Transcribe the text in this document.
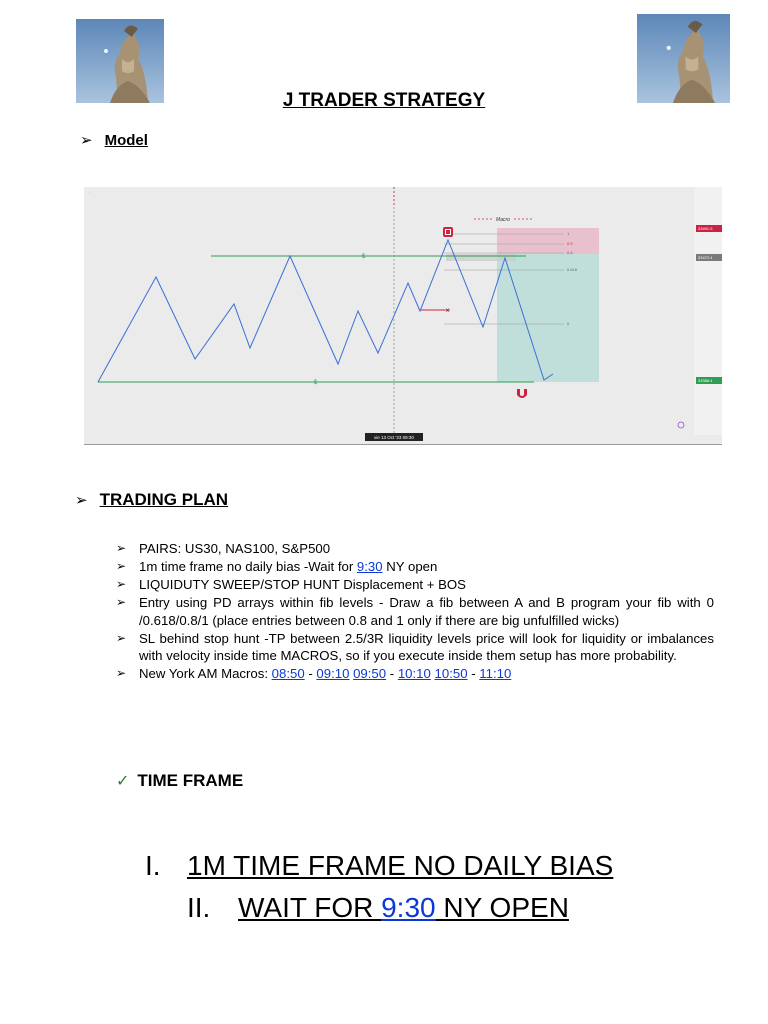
J TRADER STRATEGY
➢ Model
...
Macro
$
$
x
1
0.9
0.8
0.618
0
33491.5
33472.4
33388.4
vie 13 Oct '23 09:30
➢ TRADING PLAN
➢ PAIRS: US30, NAS100, S&P500
➢ 1m time frame no daily bias -Wait for 9:30 NY open
➢ LIQUIDUTY SWEEP/STOP HUNT Displacement + BOS
➢ Entry using PD arrays within fib levels - Draw a fib between A and B program your fib with 0 /0.618/0.8/1 (place entries between 0.8 and 1 only if there are big unfulfilled wicks)
➢ SL behind stop hunt -TP between 2.5/3R liquidity levels price will look for liquidity or imbalances with velocity inside time MACROS, so if you execute inside them setup has more probability.
➢ New York AM Macros: 08:50 - 09:10 09:50 - 10:10 10:50 - 11:10
✓ TIME FRAME
I. 1M TIME FRAME NO DAILY BIAS
II. WAIT FOR 9:30 NY OPEN
